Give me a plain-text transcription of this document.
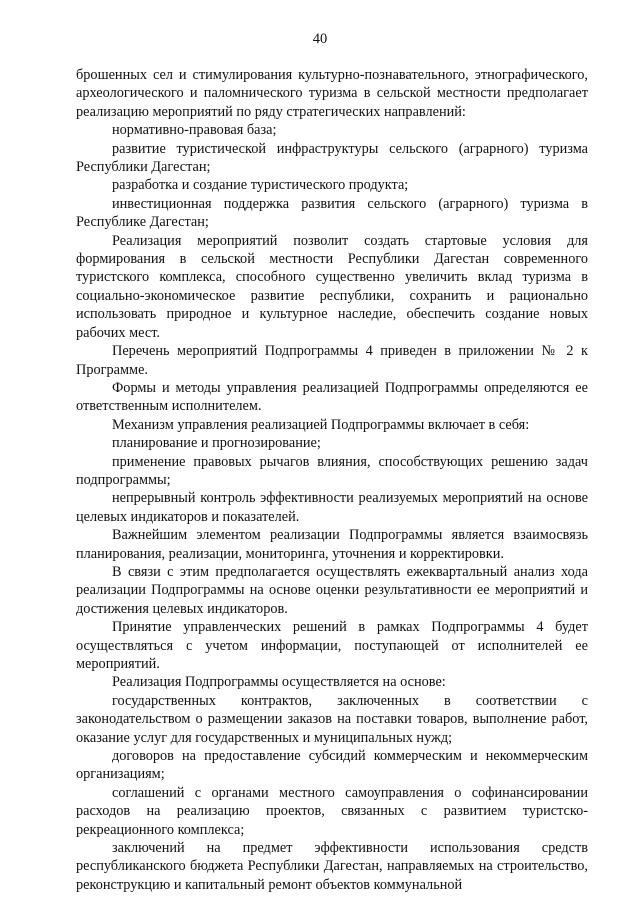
40

брошенных сел и стимулирования культурно-познавательного, этнографического, археологического и паломнического туризма в сельской местности предполагает реализацию мероприятий по ряду стратегических направлений:

нормативно-правовая база;

развитие туристической инфраструктуры сельского (аграрного) туризма Республики Дагестан;

разработка и создание туристического продукта;

инвестиционная поддержка развития сельского (аграрного) туризма в Республике Дагестан;

Реализация мероприятий позволит создать стартовые условия для формирования в сельской местности Республики Дагестан современного туристского комплекса, способного существенно увеличить вклад туризма в социально-экономическое развитие республики, сохранить и рационально использовать природное и культурное наследие, обеспечить создание новых рабочих мест.

Перечень мероприятий Подпрограммы 4 приведен в приложении № 2 к Программе.

Формы и методы управления реализацией Подпрограммы определяются ее ответственным исполнителем.

Механизм управления реализацией Подпрограммы включает в себя:

планирование и прогнозирование;

применение правовых рычагов влияния, способствующих решению задач подпрограммы;

непрерывный контроль эффективности реализуемых мероприятий на основе целевых индикаторов и показателей.

Важнейшим элементом реализации Подпрограммы является взаимосвязь планирования, реализации, мониторинга, уточнения и корректировки.

В связи с этим предполагается осуществлять ежеквартальный анализ хода реализации Подпрограммы на основе оценки результативности ее мероприятий и достижения целевых индикаторов.

Принятие управленческих решений в рамках Подпрограммы 4 будет осуществляться с учетом информации, поступающей от исполнителей ее мероприятий.

Реализация Подпрограммы осуществляется на основе:

государственных контрактов, заключенных в соответствии с законодательством о размещении заказов на поставки товаров, выполнение работ, оказание услуг для государственных и муниципальных нужд;

договоров на предоставление субсидий коммерческим и некоммерческим организациям;

соглашений с органами местного самоуправления о софинансировании расходов на реализацию проектов, связанных с развитием туристско-рекреационного комплекса;

заключений на предмет эффективности использования средств республиканского бюджета Республики Дагестан, направляемых на строительство, реконструкцию и капитальный ремонт объектов коммунальной
